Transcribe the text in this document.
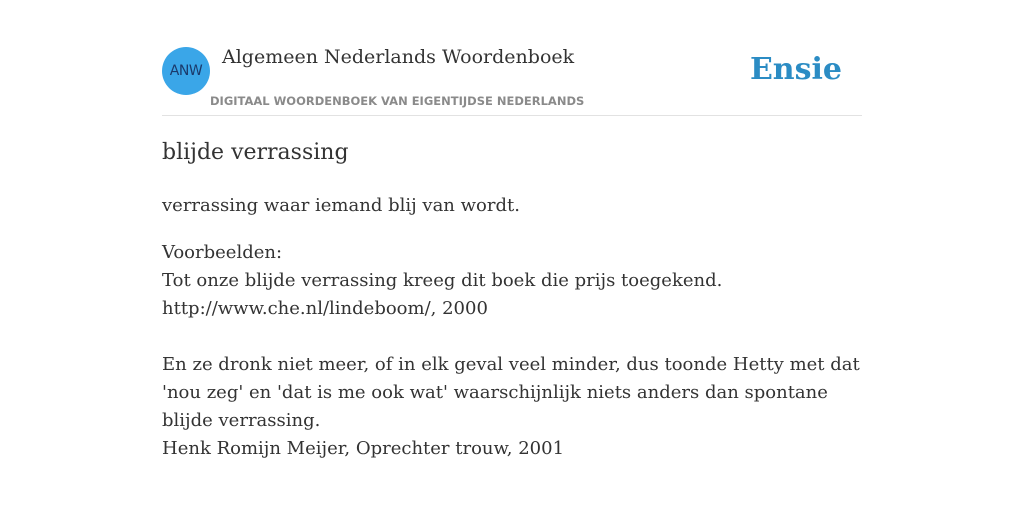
ANW
Algemeen Nederlands Woordenboek
DIGITAAL WOORDENBOEK VAN EIGENTIJDSE NEDERLANDS
Ensie
blijde verrassing
verrassing waar iemand blij van wordt.
Voorbeelden:
Tot onze blijde verrassing kreeg dit boek die prijs toegekend.
http://www.che.nl/lindeboom/, 2000
En ze dronk niet meer, of in elk geval veel minder, dus toonde Hetty met dat 'nou zeg' en 'dat is me ook wat' waarschijnlijk niets anders dan spontane blijde verrassing.
Henk Romijn Meijer, Oprechter trouw, 2001
